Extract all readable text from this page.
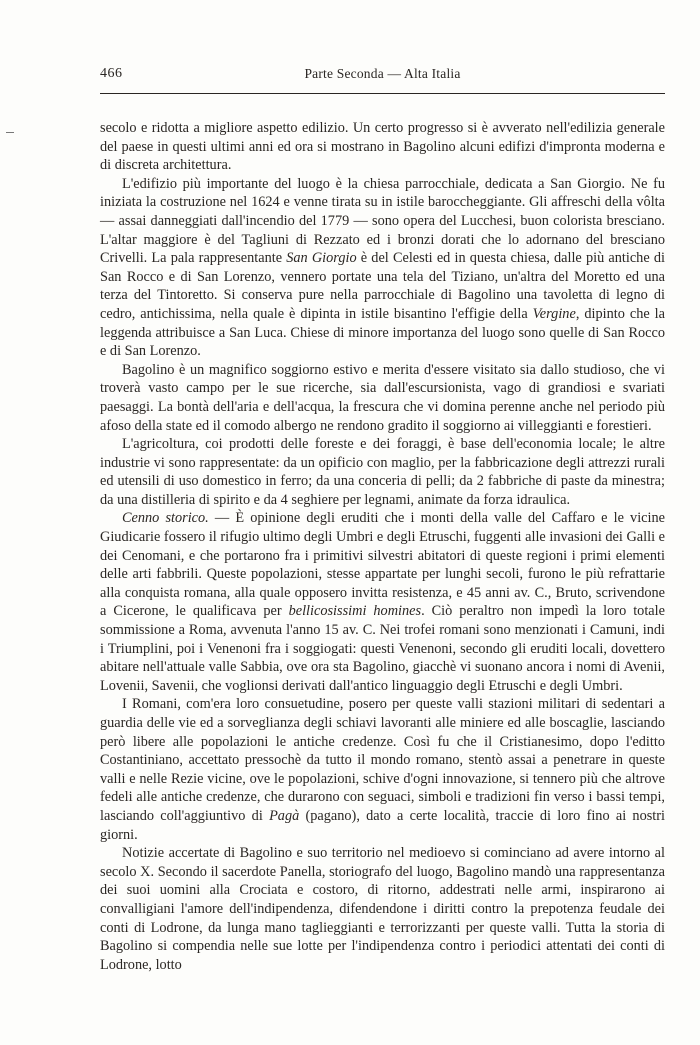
466	Parte Seconda — Alta Italia

secolo e ridotta a migliore aspetto edilizio. Un certo progresso si è avverato nell'edilizia generale del paese in questi ultimi anni ed ora si mostrano in Bagolino alcuni edifizi d'impronta moderna e di discreta architettura.

L'edifizio più importante del luogo è la chiesa parrocchiale, dedicata a San Giorgio. Ne fu iniziata la costruzione nel 1624 e venne tirata su in istile barocchеggiante. Gli affreschi della vôlta — assai danneggiati dall'incendio del 1779 — sono opera del Lucchesi, buon colorista bresciano. L'altar maggiore è del Tagliuni di Rezzato ed i bronzi dorati che lo adornano del bresciano Crivelli. La pala rappresentante San Giorgio è del Celesti ed in questa chiesa, dalle più antiche di San Rocco e di San Lorenzo, vennero portate una tela del Tiziano, un'altra del Moretto ed una terza del Tintoretto. Si conserva pure nella parrocchiale di Bagolino una tavoletta di legno di cedro, antichissima, nella quale è dipinta in istile bisantino l'effigie della Vergine, dipinto che la leggenda attribuisce a San Luca. Chiese di minore importanza del luogo sono quelle di San Rocco e di San Lorenzo.

Bagolino è un magnifico soggiorno estivo e merita d'essere visitato sia dallo studioso, che vi troverà vasto campo per le sue ricerche, sia dall'escursionista, vago di grandiosi e svariati paesaggi. La bontà dell'aria e dell'acqua, la frescura che vi domina perenne anche nel periodo più afoso della state ed il comodo albergo ne rendono gradito il soggiorno ai villeggianti e forestieri.

L'agricoltura, coi prodotti delle foreste e dei foraggi, è base dell'economia locale; le altre industrie vi sono rappresentate: da un opificio con maglio, per la fabbricazione degli attrezzi rurali ed utensili di uso domestico in ferro; da una conceria di pelli; da 2 fabbriche di paste da minestra; da una distilleria di spirito e da 4 seghiere per legnami, animate da forza idraulica.

Cenno storico. — È opinione degli eruditi che i monti della valle del Caffaro e le vicine Giudicarie fossero il rifugio ultimo degli Umbri e degli Etruschi, fuggenti alle invasioni dei Galli e dei Cenomani, e che portarono fra i primitivi silvestri abitatori di queste regioni i primi elementi delle arti fabbrili. Queste popolazioni, stesse appartate per lunghi secoli, furono le più refrattarie alla conquista romana, alla quale opposero invitta resistenza, e 45 anni av. C., Bruto, scrivendone a Cicerone, le qualificava per bellicosissimi homines. Ciò peraltro non impedì la loro totale sommissione a Roma, avvenuta l'anno 15 av. C. Nei trofei romani sono menzionati i Camuni, indi i Triumplini, poi i Venenoni fra i soggiogati: questi Venenoni, secondo gli eruditi locali, dovettero abitare nell'attuale valle Sabbia, ove ora sta Bagolino, giacchè vi suonano ancora i nomi di Avenii, Lovenii, Savenii, che voglionsi derivati dall'antico linguaggio degli Etruschi e degli Umbri.

I Romani, com'era loro consuetudine, posero per queste valli stazioni militari di sedentari a guardia delle vie ed a sorveglianza degli schiavi lavoranti alle miniere ed alle boscaglie, lasciando però libere alle popolazioni le antiche credenze. Così fu che il Cristianesimo, dopo l'editto Costantiniano, accettato pressochè da tutto il mondo romano, stentò assai a penetrare in queste valli e nelle Rezie vicine, ove le popolazioni, schive d'ogni innovazione, si tennero più che altrove fedeli alle antiche credenze, che durarono con seguaci, simboli e tradizioni fin verso i bassi tempi, lasciando coll'aggiuntivo di Pagà (pagano), dato a certe località, traccie di loro fino ai nostri giorni.

Notizie accertate di Bagolino e suo territorio nel medioevo si cominciano ad avere intorno al secolo X. Secondo il sacerdote Panella, storiografo del luogo, Bagolino mandò una rappresentanza dei suoi uomini alla Crociata e costoro, di ritorno, addestrati nelle armi, inspirarono ai convalligiani l'amore dell'indipendenza, difendendone i diritti contro la prepotenza feudale dei conti di Lodrone, da lunga mano taglieggianti e terrorizzanti per queste valli. Tutta la storia di Bagolino si compendia nelle sue lotte per l'indipendenza contro i periodici attentati dei conti di Lodrone, lotto
